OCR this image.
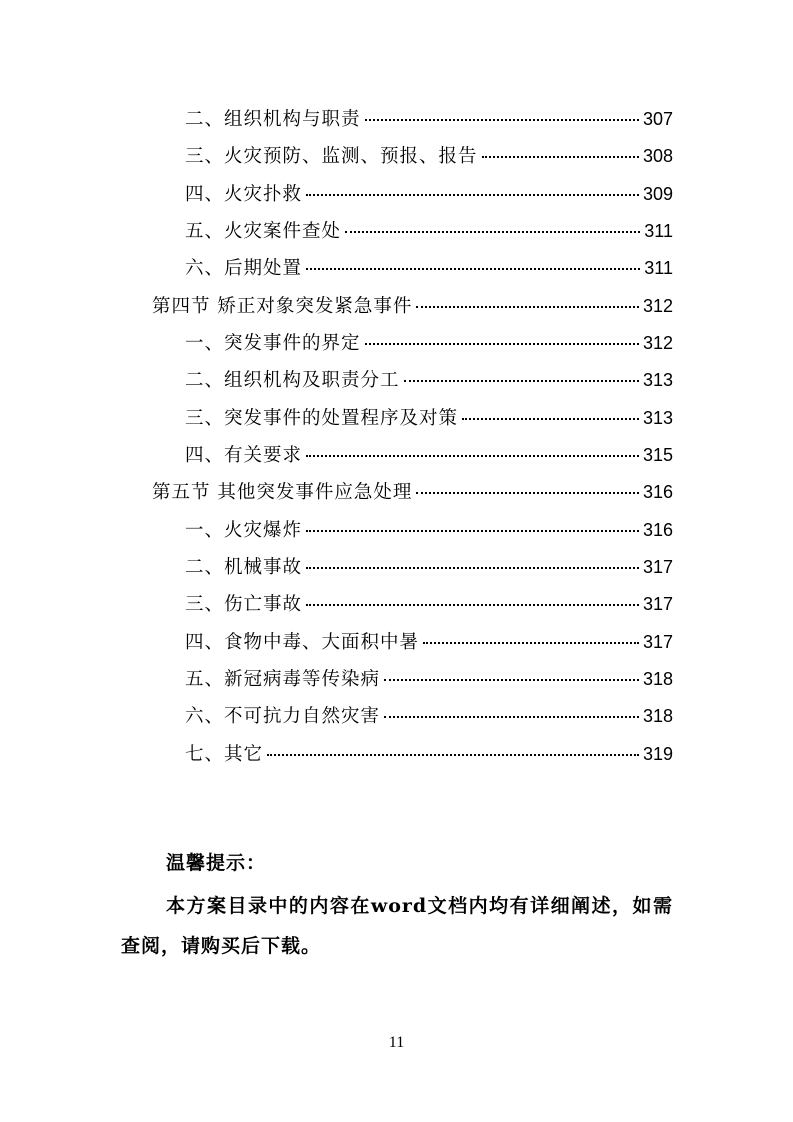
二、组织机构与职责	307
三、火灾预防、监测、预报、报告	308
四、火灾扑救	309
五、火灾案件查处	311
六、后期处置	311
第四节 矫正对象突发紧急事件	312
一、突发事件的界定	312
二、组织机构及职责分工	313
三、突发事件的处置程序及对策	313
四、有关要求	315
第五节 其他突发事件应急处理	316
一、火灾爆炸	316
二、机械事故	317
三、伤亡事故	317
四、食物中毒、大面积中暑	317
五、新冠病毒等传染病	318
六、不可抗力自然灾害	318
七、其它	319

温馨提示：

本方案目录中的内容在word文档内均有详细阐述，如需查阅，请购买后下载。

11
